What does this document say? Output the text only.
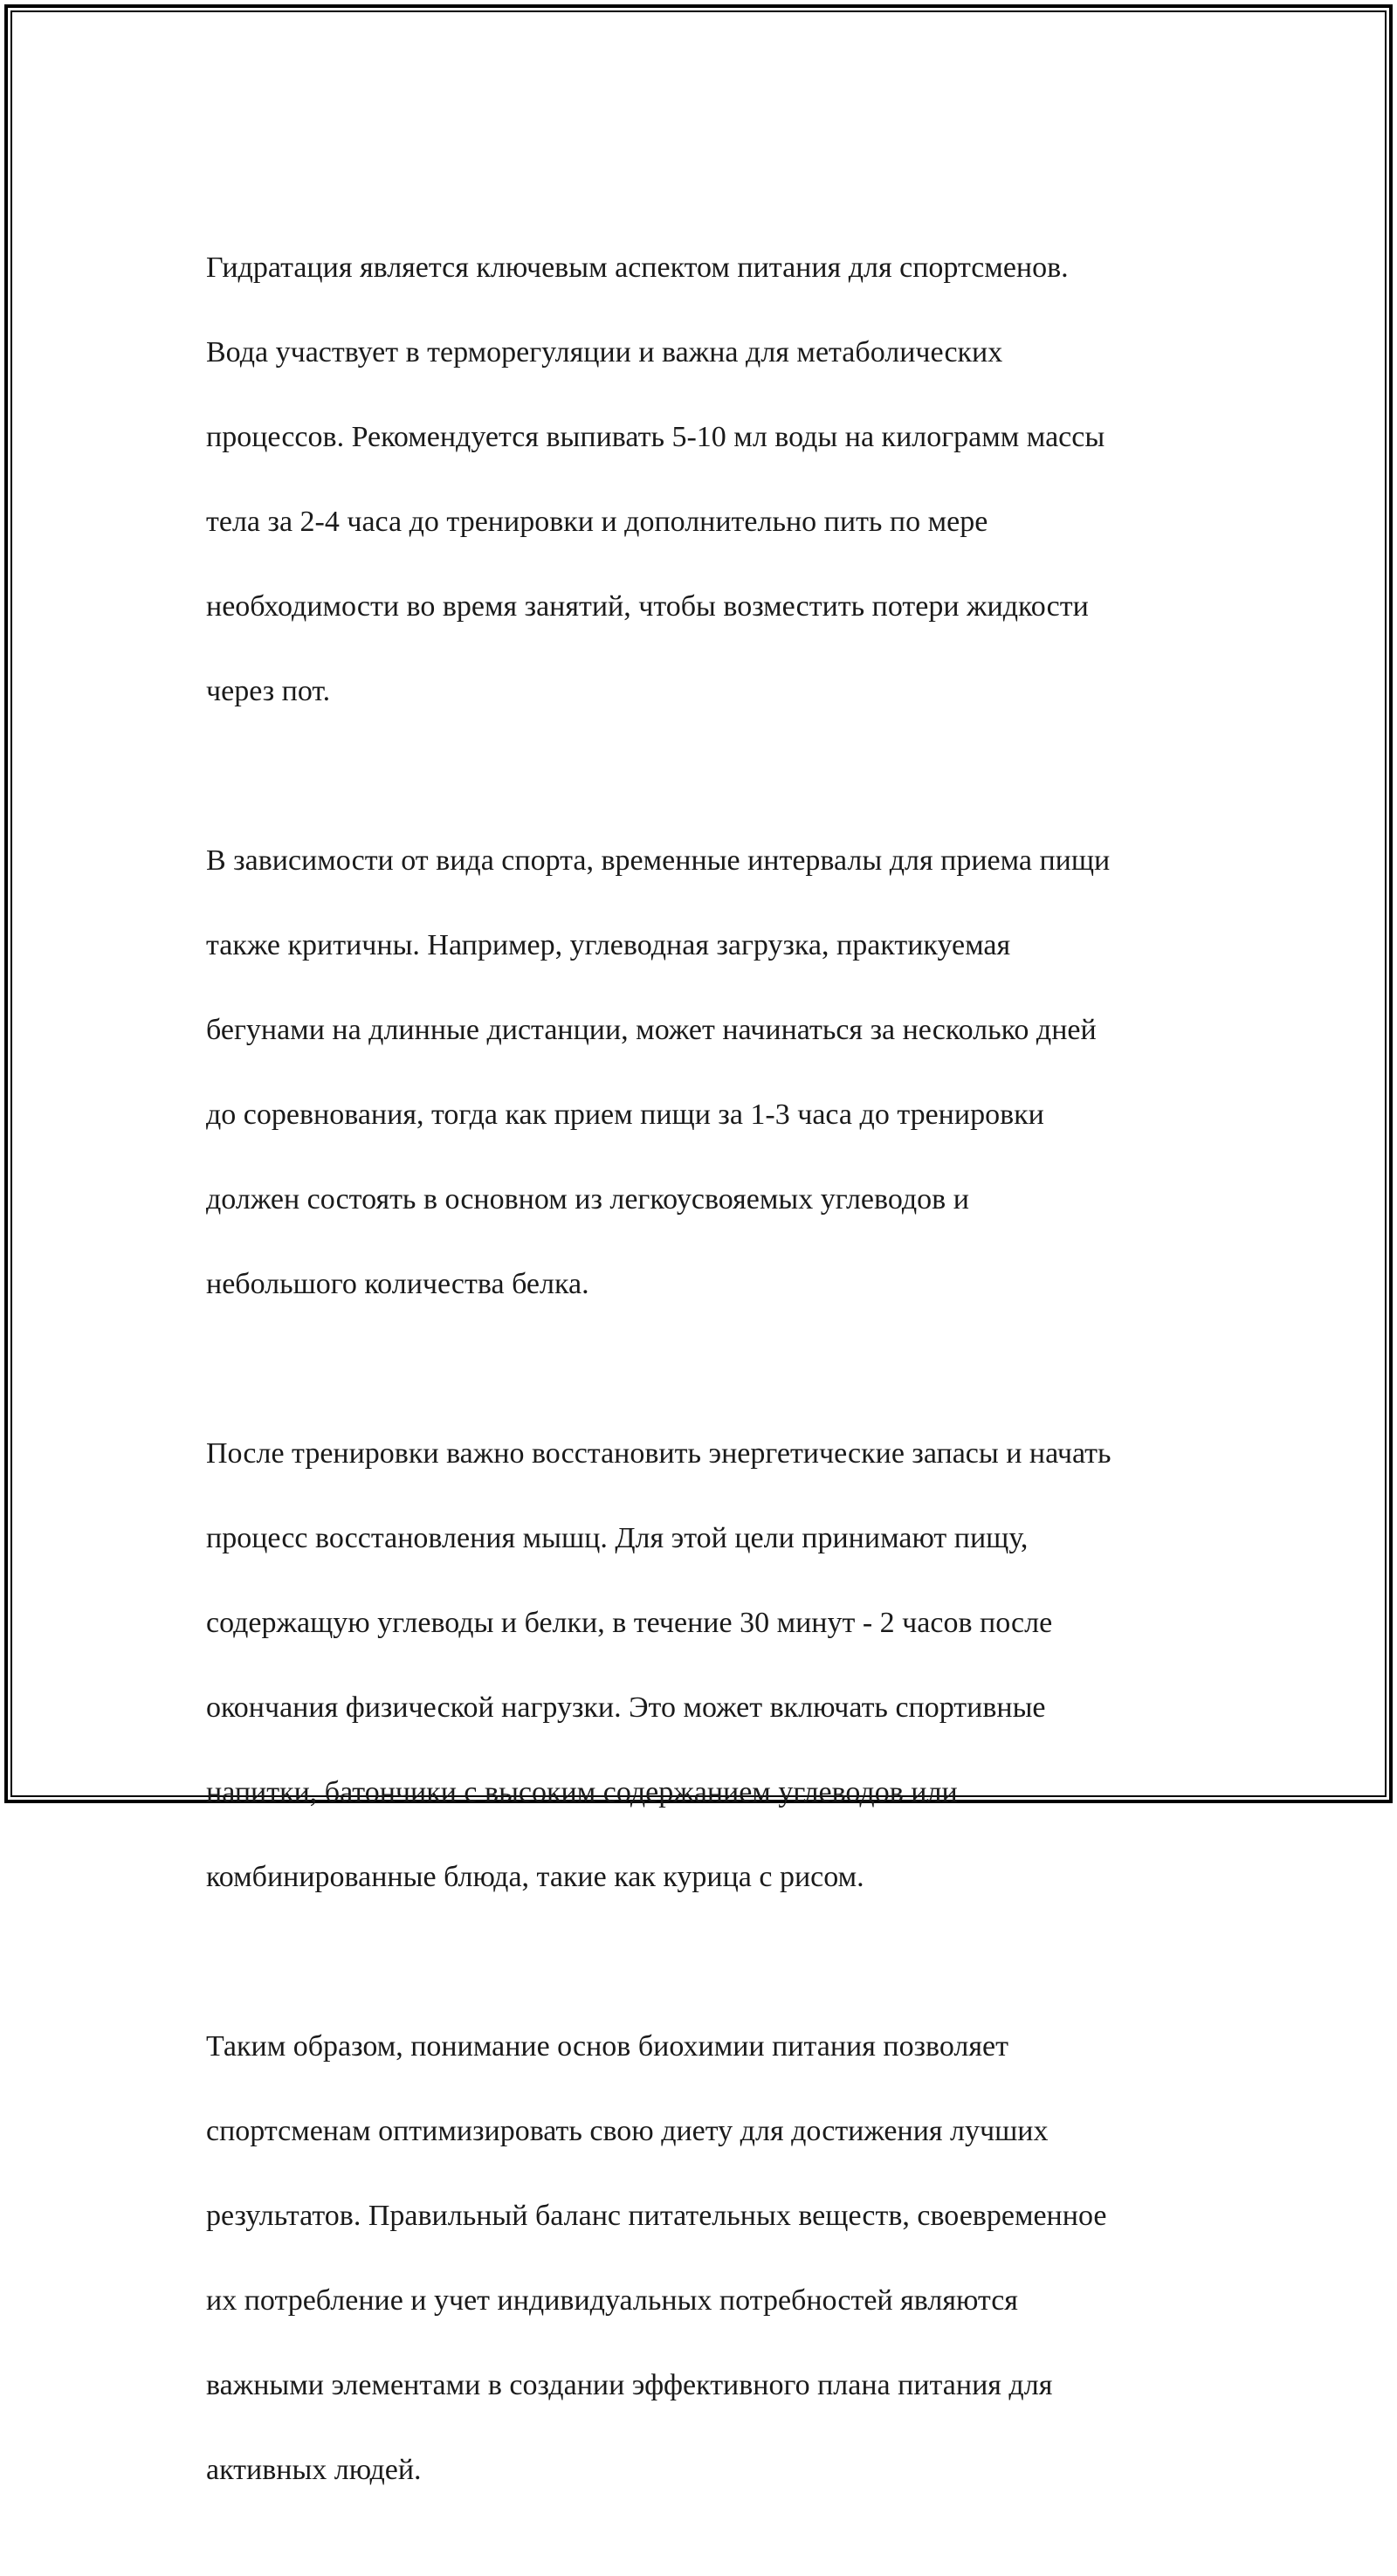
Гидратация является ключевым аспектом питания для спортсменов.

Вода участвует в терморегуляции и важна для метаболических

процессов. Рекомендуется выпивать 5-10 мл воды на килограмм массы

тела за 2-4 часа до тренировки и дополнительно пить по мере

необходимости во время занятий, чтобы возместить потери жидкости

через пот.

В зависимости от вида спорта, временные интервалы для приема пищи

также критичны. Например, углеводная загрузка, практикуемая

бегунами на длинные дистанции, может начинаться за несколько дней

до соревнования, тогда как прием пищи за 1-3 часа до тренировки

должен состоять в основном из легкоусвояемых углеводов и

небольшого количества белка.

После тренировки важно восстановить энергетические запасы и начать

процесс восстановления мышц. Для этой цели принимают пищу,

содержащую углеводы и белки, в течение 30 минут - 2 часов после

окончания физической нагрузки. Это может включать спортивные

напитки, батончики с высоким содержанием углеводов или

комбинированные блюда, такие как курица с рисом.

Таким образом, понимание основ биохимии питания позволяет

спортсменам оптимизировать свою диету для достижения лучших

результатов. Правильный баланс питательных веществ, своевременное

их потребление и учет индивидуальных потребностей являются

важными элементами в создании эффективного плана питания для

активных людей.
